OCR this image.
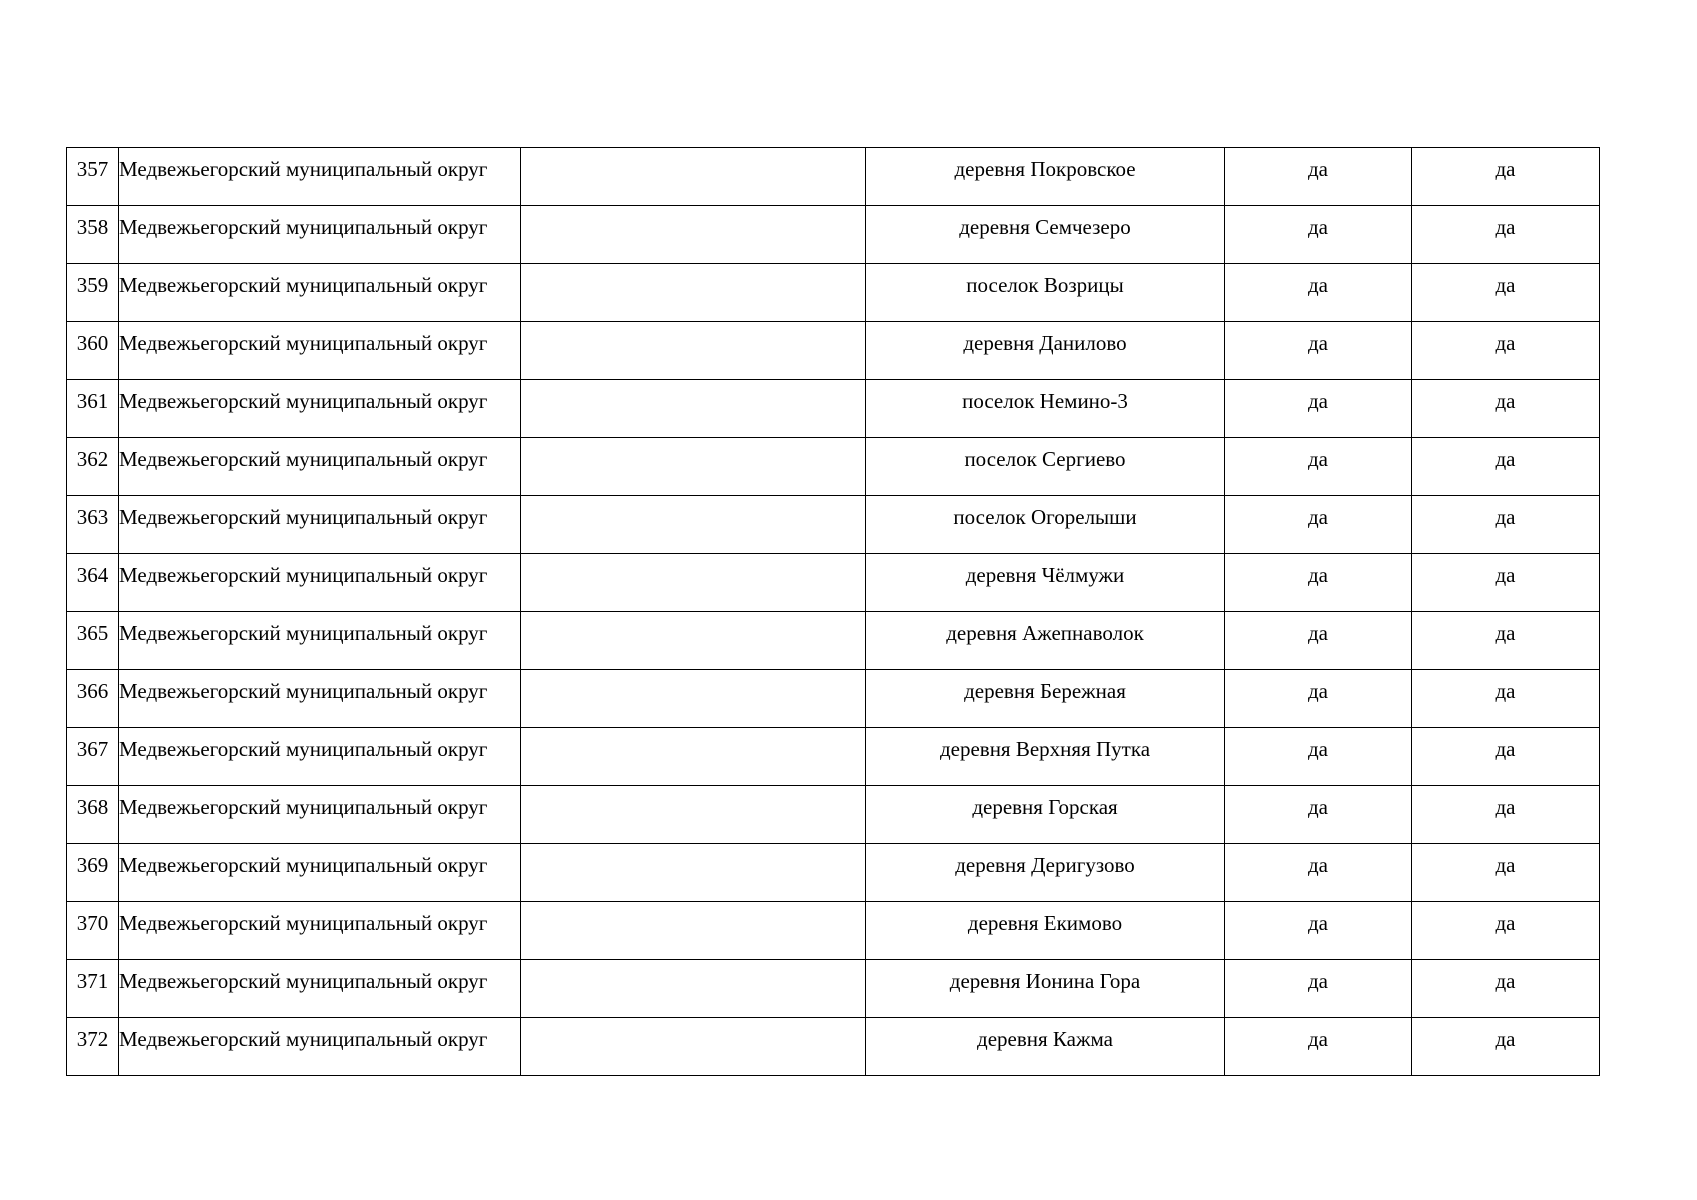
357	Медвежьегорский муниципальный округ		деревня Покровское	да	да
358	Медвежьегорский муниципальный округ		деревня Семчезеро	да	да
359	Медвежьегорский муниципальный округ		поселок Возрицы	да	да
360	Медвежьегорский муниципальный округ		деревня Данилово	да	да
361	Медвежьегорский муниципальный округ		поселок Немино-3	да	да
362	Медвежьегорский муниципальный округ		поселок Сергиево	да	да
363	Медвежьегорский муниципальный округ		поселок Огорелыши	да	да
364	Медвежьегорский муниципальный округ		деревня Чёлмужи	да	да
365	Медвежьегорский муниципальный округ		деревня Ажепнаволок	да	да
366	Медвежьегорский муниципальный округ		деревня Бережная	да	да
367	Медвежьегорский муниципальный округ		деревня Верхняя Путка	да	да
368	Медвежьегорский муниципальный округ		деревня Горская	да	да
369	Медвежьегорский муниципальный округ		деревня Деригузово	да	да
370	Медвежьегорский муниципальный округ		деревня Екимово	да	да
371	Медвежьегорский муниципальный округ		деревня Ионина Гора	да	да
372	Медвежьегорский муниципальный округ		деревня Кажма	да	да
